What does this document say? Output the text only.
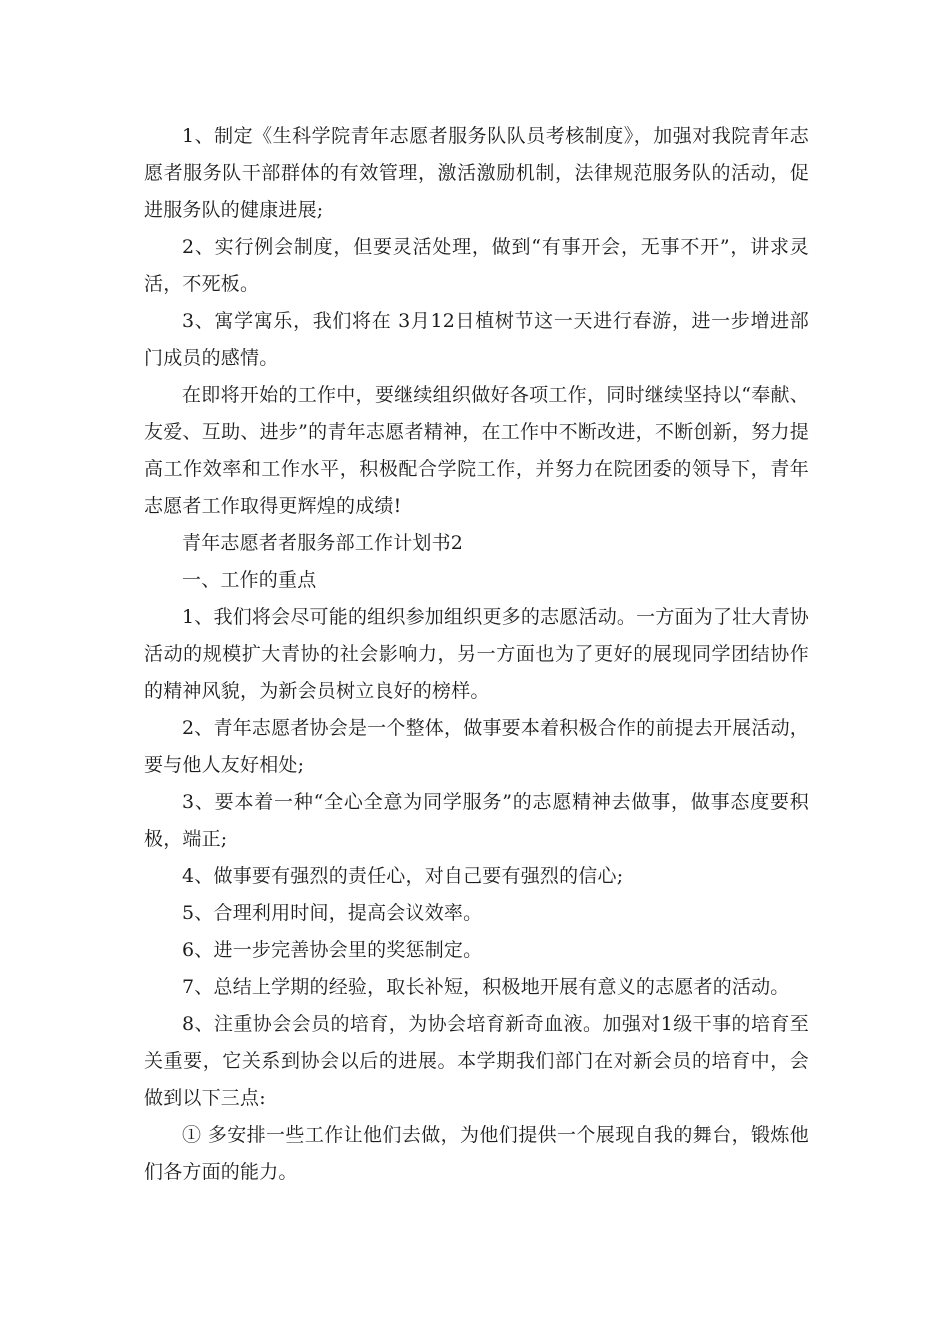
1、制定《生科学院青年志愿者服务队队员考核制度》，加强对我院青年志愿者服务队干部群体的有效管理，激活激励机制，法律规范服务队的活动，促进服务队的健康进展;

2、实行例会制度，但要灵活处理，做到“有事开会，无事不开”，讲求灵活，不死板。

3、寓学寓乐，我们将在 3月12日植树节这一天进行春游，进一步增进部门成员的感情。

在即将开始的工作中，要继续组织做好各项工作，同时继续坚持以“奉献、友爱、互助、进步”的青年志愿者精神，在工作中不断改进，不断创新，努力提高工作效率和工作水平，积极配合学院工作，并努力在院团委的领导下，青年志愿者工作取得更辉煌的成绩!

青年志愿者者服务部工作计划书2

一、工作的重点

1、我们将会尽可能的组织参加组织更多的志愿活动。一方面为了壮大青协活动的规模扩大青协的社会影响力，另一方面也为了更好的展现同学团结协作的精神风貌，为新会员树立良好的榜样。

2、青年志愿者协会是一个整体，做事要本着积极合作的前提去开展活动，要与他人友好相处;

3、要本着一种“全心全意为同学服务”的志愿精神去做事，做事态度要积极，端正;

4、做事要有强烈的责任心，对自己要有强烈的信心;

5、合理利用时间，提高会议效率。

6、进一步完善协会里的奖惩制定。

7、总结上学期的经验，取长补短，积极地开展有意义的志愿者的活动。

8、注重协会会员的培育，为协会培育新奇血液。加强对1级干事的培育至关重要，它关系到协会以后的进展。本学期我们部门在对新会员的培育中，会做到以下三点:

① 多安排一些工作让他们去做，为他们提供一个展现自我的舞台，锻炼他们各方面的能力。
